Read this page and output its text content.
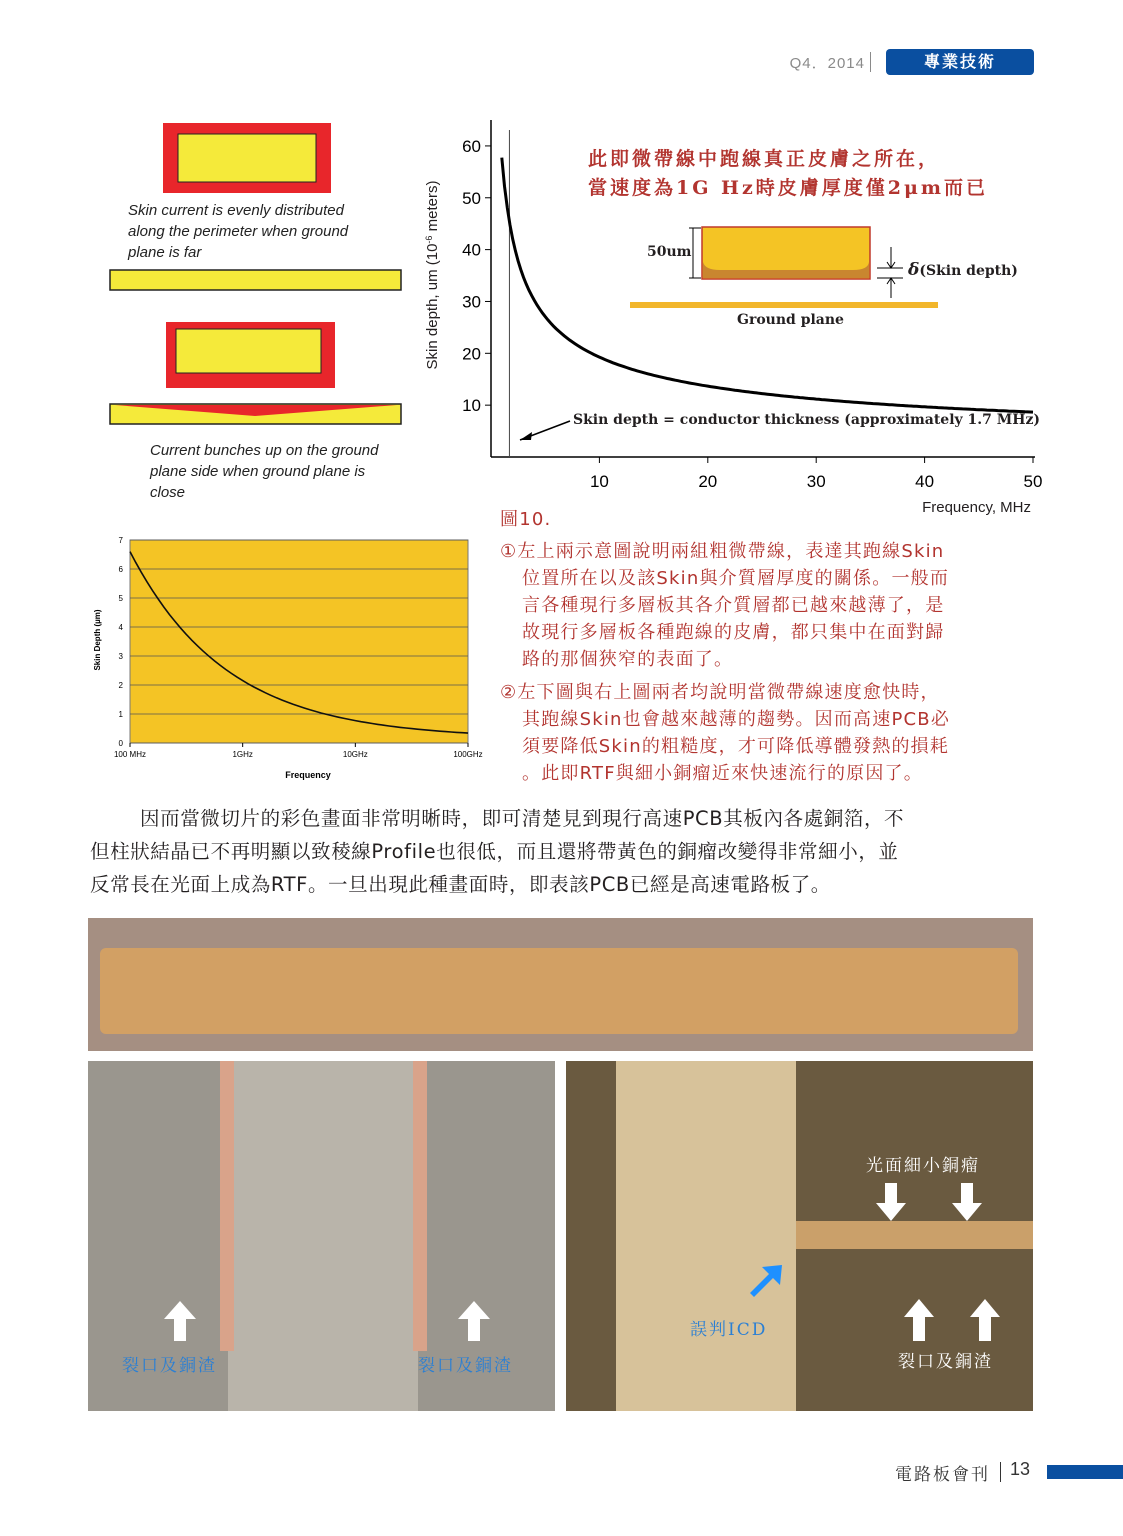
Q4．2014	專業技術
Skin current is evenly distributed along the perimeter when ground plane is far
Current bunches up on the ground plane side when ground plane is close
10
20
30
40
50
60
10	20	30	40	50
Skin depth, um ($10^{-6}$ meters)
Frequency, MHz
此即微帶線中跑線真正皮膚之所在，
當速度為1G Hz時皮膚厚度僅2μm而已
50um
δ(Skin depth)
Ground plane
Skin depth = conductor thickness (approximately 1.7 MHz)
0
1
2
3
4
5
6
7
100 MHz	1GHz	10GHz	100GHz
Skin Depth (µm)
Frequency
圖10.
①左上兩示意圖說明兩組粗微帶線，表達其跑線Skin
位置所在以及該Skin與介質層厚度的關係。一般而
言各種現行多層板其各介質層都已越來越薄了，是
故現行多層板各種跑線的皮膚，都只集中在面對歸
路的那個狹窄的表面了。
②左下圖與右上圖兩者均說明當微帶線速度愈快時，
其跑線Skin也會越來越薄的趨勢。因而高速PCB必
須要降低Skin的粗糙度，才可降低導體發熱的損耗
。此即RTF與細小銅瘤近來快速流行的原因了。
因而當微切片的彩色畫面非常明晰時，即可清楚見到現行高速PCB其板內各處銅箔，不
但柱狀結晶已不再明顯以致稜線Profile也很低，而且還將帶黃色的銅瘤改變得非常細小，並
反常長在光面上成為RTF。一旦出現此種畫面時，即表該PCB已經是高速電路板了。
裂口及銅渣	裂口及銅渣
光面細小銅瘤
誤判ICD
裂口及銅渣
電路板會刊 13
